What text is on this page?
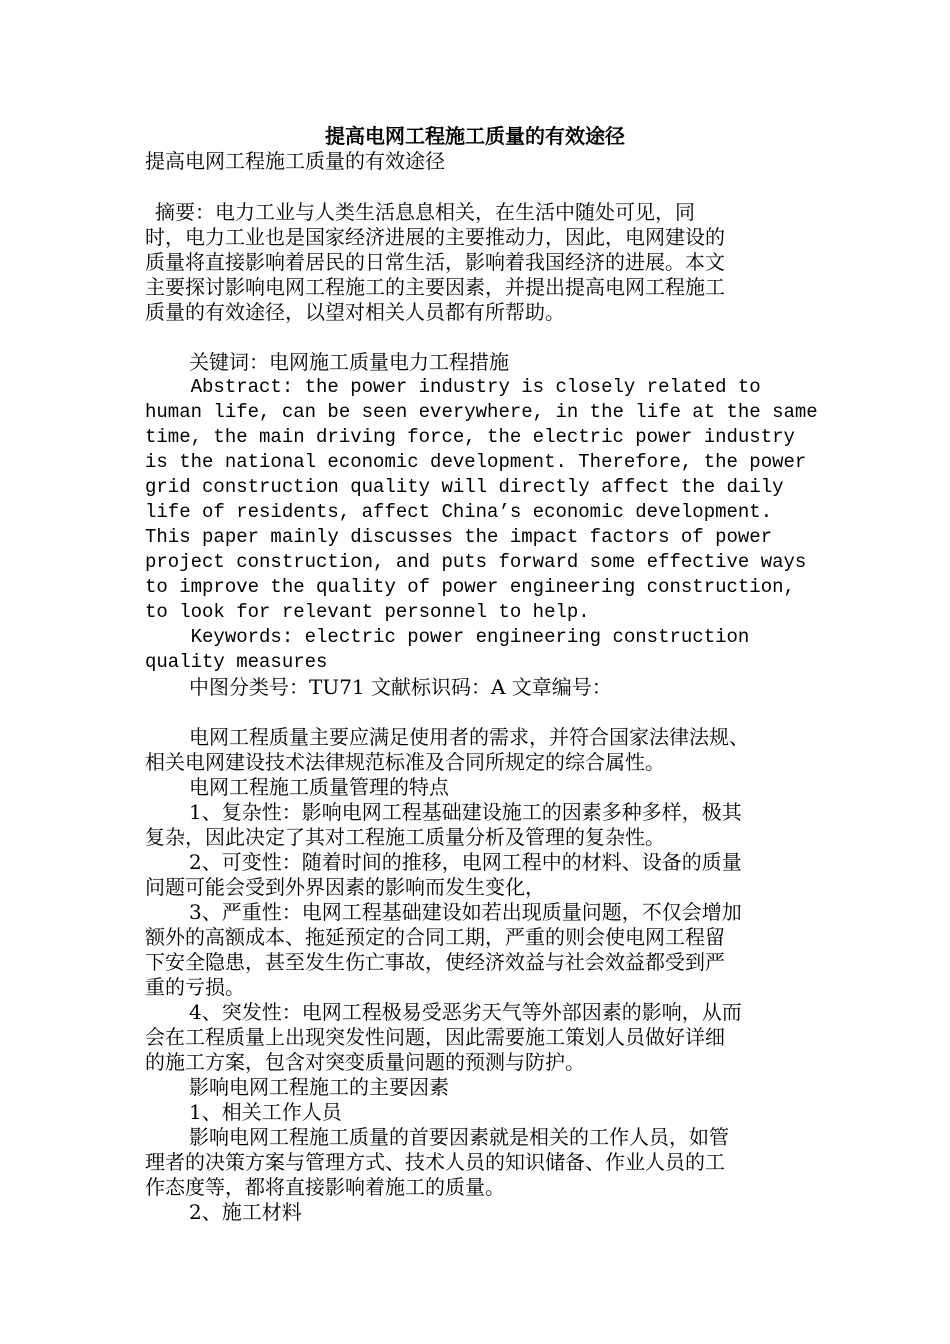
提高电网工程施工质量的有效途径
提高电网工程施工质量的有效途径

摘要：电力工业与人类生活息息相关，在生活中随处可见，同

时，电力工业也是国家经济进展的主要推动力，因此，电网建设的

质量将直接影响着居民的日常生活，影响着我国经济的进展。本文

主要探讨影响电网工程施工的主要因素，并提出提高电网工程施工

质量的有效途径，以望对相关人员都有所帮助。

关键词：电网施工质量电力工程措施

Abstract: the power industry is closely related to

human life, can be seen everywhere, in the life at the same

time, the main driving force, the electric power industry

is the national economic development. Therefore, the power

grid construction quality will directly affect the daily

life of residents, affect China’s economic development.

This paper mainly discusses the impact factors of power

project construction, and puts forward some effective ways

to improve the quality of power engineering construction,

to look for relevant personnel to help.

Keywords: electric power engineering construction

quality measures

中图分类号：TU71 文献标识码：A 文章编号：

电网工程质量主要应满足使用者的需求，并符合国家法律法规、

相关电网建设技术法律规范标准及合同所规定的综合属性。

电网工程施工质量管理的特点

1、复杂性：影响电网工程基础建设施工的因素多种多样，极其

复杂，因此决定了其对工程施工质量分析及管理的复杂性。

2、可变性：随着时间的推移，电网工程中的材料、设备的质量

问题可能会受到外界因素的影响而发生变化，

3、严重性：电网工程基础建设如若出现质量问题，不仅会增加

额外的高额成本、拖延预定的合同工期，严重的则会使电网工程留

下安全隐患，甚至发生伤亡事故，使经济效益与社会效益都受到严

重的亏损。

4、突发性：电网工程极易受恶劣天气等外部因素的影响，从而

会在工程质量上出现突发性问题，因此需要施工策划人员做好详细

的施工方案，包含对突变质量问题的预测与防护。

影响电网工程施工的主要因素

1、相关工作人员

影响电网工程施工质量的首要因素就是相关的工作人员，如管

理者的决策方案与管理方式、技术人员的知识储备、作业人员的工

作态度等，都将直接影响着施工的质量。

2、施工材料
